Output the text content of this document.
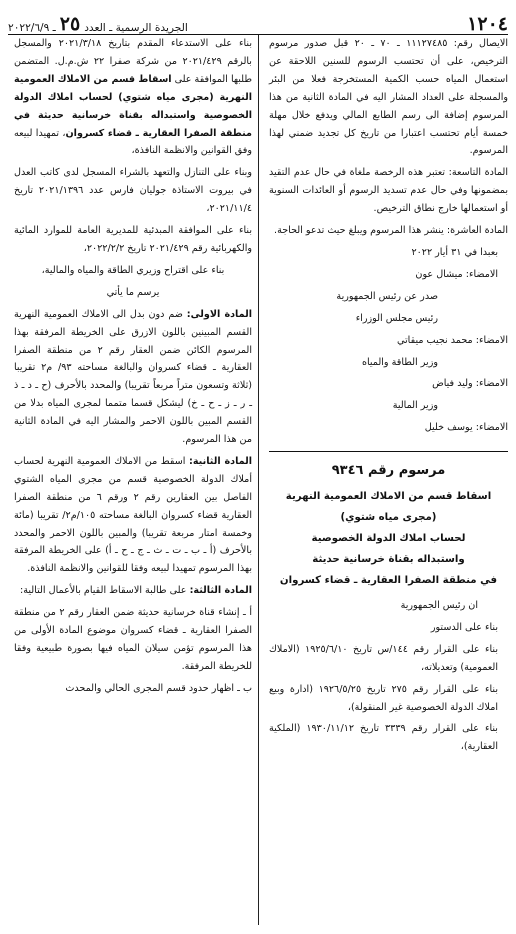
١٢٠٤
الجريدة الرسمية ـ العدد
٢٥
ـ ٢٠٢٢/٦/٩

الايصال رقم: ١١١٢٧٤٨٥ ـ ٧٠ ـ ٢٠ قبل صدور مرسوم الترخيص، على أن تحتسب الرسوم للسنين اللاحقة عن استعمال المياه حسب الكمية المستخرجة فعلا من البئر والمسجلة على العداد المشار اليه في المادة الثانية من هذا المرسوم إضافة الى رسم الطابع المالي ويدفع خلال مهلة خمسة أيام تحتسب اعتبارا من تاريخ كل تجديد ضمني لهذا المرسوم.

المادة التاسعة: تعتبر هذه الرخصة ملغاة في حال عدم التقيد بمضمونها وفي حال عدم تسديد الرسوم أو العائدات السنوية أو استعمالها خارج نطاق الترخيص.

المادة العاشرة: ينشر هذا المرسوم ويبلغ حيث تدعو الحاجة.

بعبدا في ٣١ أيار ٢٠٢٢

الامضاء: ميشال عون

صدر عن رئيس الجمهورية

رئيس مجلس الوزراء

الامضاء: محمد نجيب ميقاتي

وزير الطاقة والمياه

الامضاء: وليد فياض

وزير المالية

الامضاء: يوسف خليل

مرسوم رقم ٩٣٤٦

اسقاط قسم من الاملاك العمومية النهرية

(مجرى مياه شتوي)

لحساب املاك الدولة الخصوصية

واستبداله بقناة خرسانية حديثة

في منطقة الصفرا العقارية ـ قضاء كسروان

ان رئيس الجمهورية

بناء على الدستور

بناء على القرار رقم ١٤٤/س تاريخ ١٩٢٥/٦/١٠ (الاملاك العمومية) وتعديلاته،

بناء على القرار رقم ٢٧٥ تاريخ ١٩٢٦/٥/٢٥ (ادارة وبيع املاك الدولة الخصوصية غير المنقولة)،

بناء على القرار رقم ٣٣٣٩ تاريخ ١٩٣٠/١١/١٢ (الملكية العقارية)،

بناء على الاستدعاء المقدم بتاريخ ٢٠٢١/٣/١٨ والمسجل بالرقم ٢٠٢١/٤٢٩ من شركة صفرا ٢٢ ش.م.ل. المتضمن طلبها الموافقة على اسقاط قسم من الاملاك العمومية النهرية (مجرى مياه شتوي) لحساب املاك الدولة الخصوصية واستبداله بقناة خرسانية حديثة في منطقة الصفرا العقارية ـ قضاء كسروان، تمهيدا لبيعه وفق القوانين والانظمة النافذة،

وبناء على التنازل والتعهد بالشراء المسجل لدى كاتب العدل في بيروت الاستاذة جوليان فارس عدد ٢٠٢١/١٣٩٦ تاريخ ٢٠٢١/١١/٤،

بناء على الموافقة المبدئية للمديرية العامة للموارد المائية والكهربائية رقم ٢٠٢١/٤٢٩ تاريخ ٢٠٢٢/٢/٢،

بناء على اقتراح وزيري الطاقة والمياه والمالية،

يرسم ما يأتي

المادة الاولى: ضم دون بدل الى الاملاك العمومية النهرية القسم المبينين باللون الازرق على الخريطة المرفقة بهذا المرسوم الكائن ضمن العقار رقم ٢ من منطقة الصفرا العقارية ـ قضاء كسروان والبالغة مساحته ٩٣/ م٢ تقريبا (ثلاثة وتسعون متراً مربعاً تقريبا) والمحدد بالأحرف (ح ـ د ـ ذ ـ ر ـ ز ـ ح ـ خ) ليشكل قسما متمما لمجرى المياه بدلا من القسم المبين باللون الاحمر والمشار اليه في المادة الثانية من هذا المرسوم.

المادة الثانية: اسقط من الاملاك العمومية النهرية لحساب أملاك الدولة الخصوصية قسم من مجرى المياه الشتوي الفاصل بين العقارين رقم ٢ ورقم ٦ من منطقة الصفرا العقارية قضاء كسروان البالغة مساحته ١٠٥/م٢/ تقريبا (مائة وخمسة امتار مربعة تقريبا) والمبين باللون الاحمر والمحدد بالأحرف (أ ـ ب ـ ت ـ ث ـ ج ـ ح ـ أ) على الخريطة المرفقة بهذا المرسوم تمهيدا لبيعه وفقا للقوانين والانظمة النافذة.

المادة الثالثة: على طالبة الاسقاط القيام بالأعمال التالية:

أ ـ إنشاء قناة خرسانية حديثة ضمن العقار رقم ٢ من منطقة الصفرا العقارية ـ قضاء كسروان موضوع المادة الأولى من هذا المرسوم تؤمن سيلان المياه فيها بصورة طبيعية وفقا للخريطة المرفقة.

ب ـ اظهار حدود قسم المجرى الحالي والمحدث
